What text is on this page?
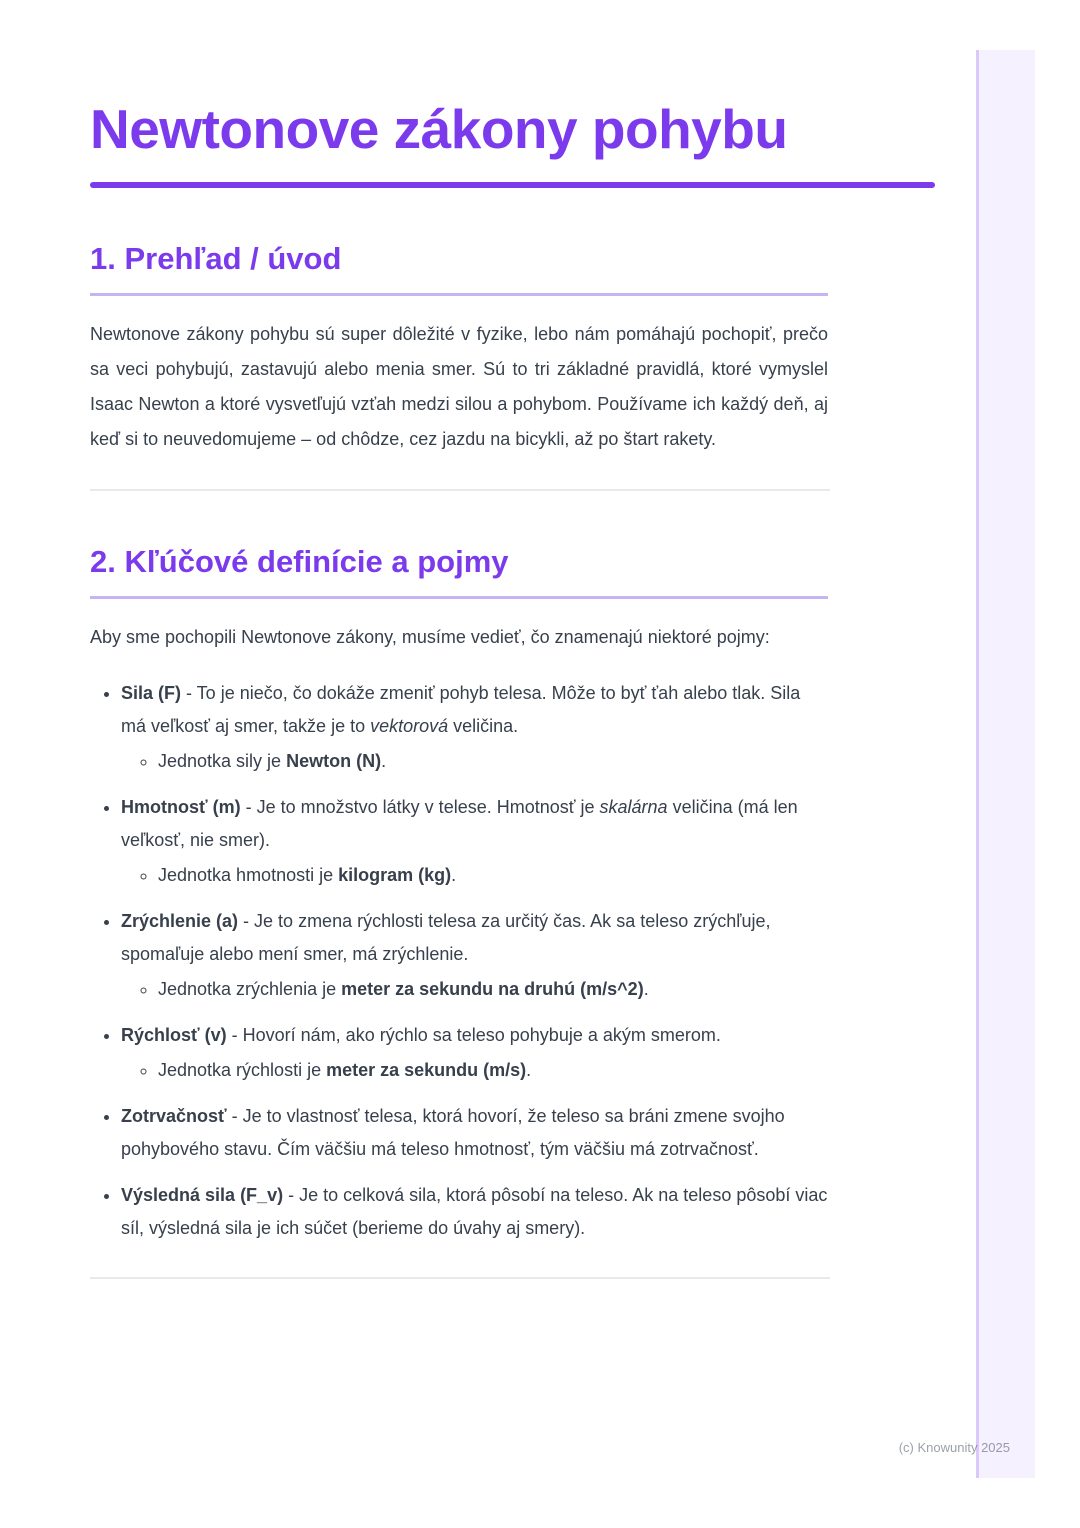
(c) Knowunity 2025
Newtonove zákony pohybu
1. Prehľad / úvod

Newtonove zákony pohybu sú super dôležité v fyzike, lebo nám pomáhajú pochopiť, prečo sa veci pohybujú, zastavujú alebo menia smer. Sú to tri základné pravidlá, ktoré vymyslel Isaac Newton a ktoré vysvetľujú vzťah medzi silou a pohybom. Používame ich každý deň, aj keď si to neuvedomujeme – od chôdze, cez jazdu na bicykli, až po štart rakety.

2. Kľúčové definície a pojmy

Aby sme pochopili Newtonove zákony, musíme vedieť, čo znamenajú niektoré pojmy:

• Sila (F) - To je niečo, čo dokáže zmeniť pohyb telesa. Môže to byť ťah alebo tlak. Sila má veľkosť aj smer, takže je to vektorová veličina.
◦ Jednotka sily je Newton (N).
• Hmotnosť (m) - Je to množstvo látky v telese. Hmotnosť je skalárna veličina (má len veľkosť, nie smer).
◦ Jednotka hmotnosti je kilogram (kg).
• Zrýchlenie (a) - Je to zmena rýchlosti telesa za určitý čas. Ak sa teleso zrýchľuje, spomaľuje alebo mení smer, má zrýchlenie.
◦ Jednotka zrýchlenia je meter za sekundu na druhú (m/s^2).
• Rýchlosť (v) - Hovorí nám, ako rýchlo sa teleso pohybuje a akým smerom.
◦ Jednotka rýchlosti je meter za sekundu (m/s).
• Zotrvačnosť - Je to vlastnosť telesa, ktorá hovorí, že teleso sa bráni zmene svojho pohybového stavu. Čím väčšiu má teleso hmotnosť, tým väčšiu má zotrvačnosť.
• Výsledná sila (F_v) - Je to celková sila, ktorá pôsobí na teleso. Ak na teleso pôsobí viac síl, výsledná sila je ich súčet (berieme do úvahy aj smery).
